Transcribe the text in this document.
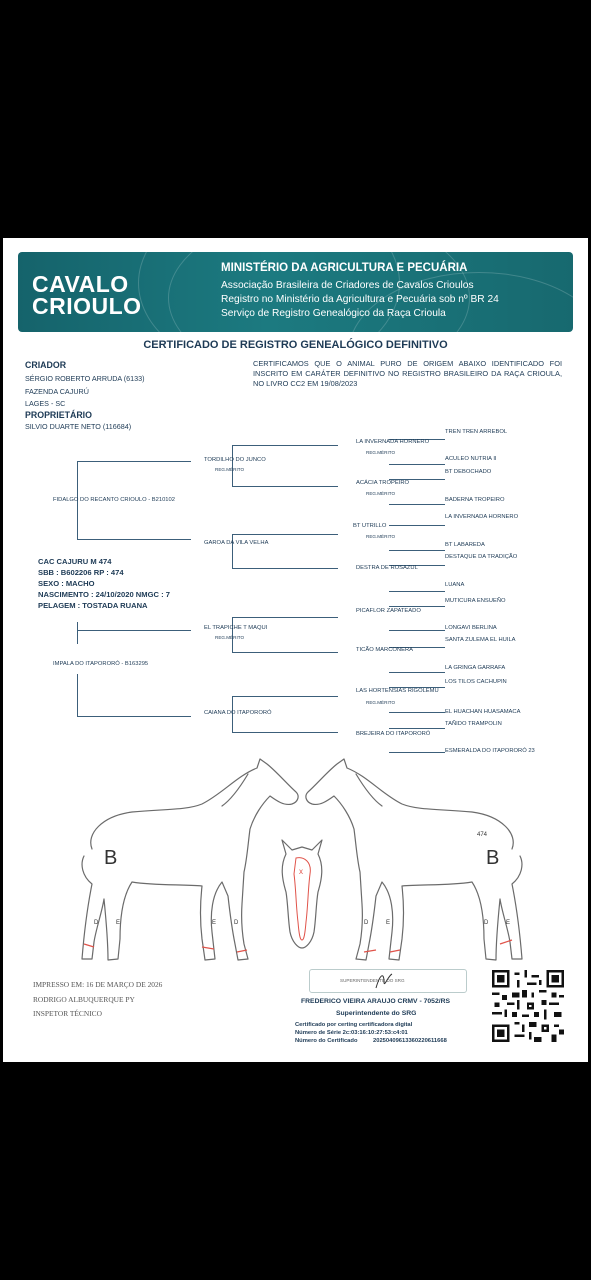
CAVALO
CRIOULO
MINISTÉRIO DA AGRICULTURA E PECUÁRIA
Associação Brasileira de Criadores de Cavalos Crioulos
Registro no Ministério da Agricultura e Pecuária sob nº BR 24
Serviço de Registro Genealógico da Raça Crioula
CERTIFICADO DE REGISTRO GENEALÓGICO DEFINITIVO
CRIADOR
SÉRGIO ROBERTO ARRUDA (6133)
FAZENDA CAJURÚ
LAGES - SC
PROPRIETÁRIO
SILVIO DUARTE NETO (116684)
CERTIFICAMOS QUE O ANIMAL PURO DE ORIGEM ABAIXO IDENTIFICADO FOI INSCRITO EM CARÁTER DEFINITIVO NO REGISTRO BRASILEIRO DA RAÇA CRIOULA, NO LIVRO CC2 EM 19/08/2023
CAC CAJURU M 474
SBB : B602206 RP : 474
SEXO : MACHO
NASCIMENTO : 24/10/2020 NMGC : 7
PELAGEM : TOSTADA RUANA
FIDALGO DO RECANTO CRIOULO - B210102
IMPALA DO ITAPORORÓ - B163295
TORDILHO DO JUNCO
REG.MÉRITO
GAROA DA VILA VELHA
EL TRAPICHE T MAQUI
REG.MÉRITO
CAIANA DO ITAPORORÓ
LA INVERNADA HORNERO
REG.MÉRITO
ACÁCIA TROPEIRO
REG.MÉRITO
BT UTRILLO
REG.MÉRITO
DESTRA DE ROSAZUL
PICAFLOR ZAPATEADO
TICÃO MARCONERA
LAS HORTENSIAS RIGOLEMU
REG.MÉRITO
BREJEIRA DO ITAPORORÓ
TREN TREN ARREBOL
ACULEO NUTRIA II
BT DEBOCHADO
BADERNA TROPEIRO
LA INVERNADA HORNERO
BT LABAREDA
DESTAQUE DA TRADIÇÃO
LUANA
MUTICURA ENSUEÑO
LONGAVI BERLINA
SANTA ZULEMA EL HUILA
LA GRINGA GARRAFA
LOS TILOS CACHUPIN
EL HUACHAN HUASAMACA
TAÑIDO TRAMPOLIN
ESMERALDA DO ITAPORORÓ 23
x
B	B
474
D	E	E	D	D	E	D	E
IMPRESSO EM: 16 DE MARÇO DE 2026
RODRIGO ALBUQUERQUE PY
INSPETOR TÉCNICO
SUPERINTENDENTE DO SRG
FREDERICO VIEIRA ARAUJO CRMV - 7052/RS
Superintendente do SRG
Certificado por certing certificadora digital
Número de Série 2c:03:16:10:27:53:c4:01
Número do Certificado	20250409613360220611668
